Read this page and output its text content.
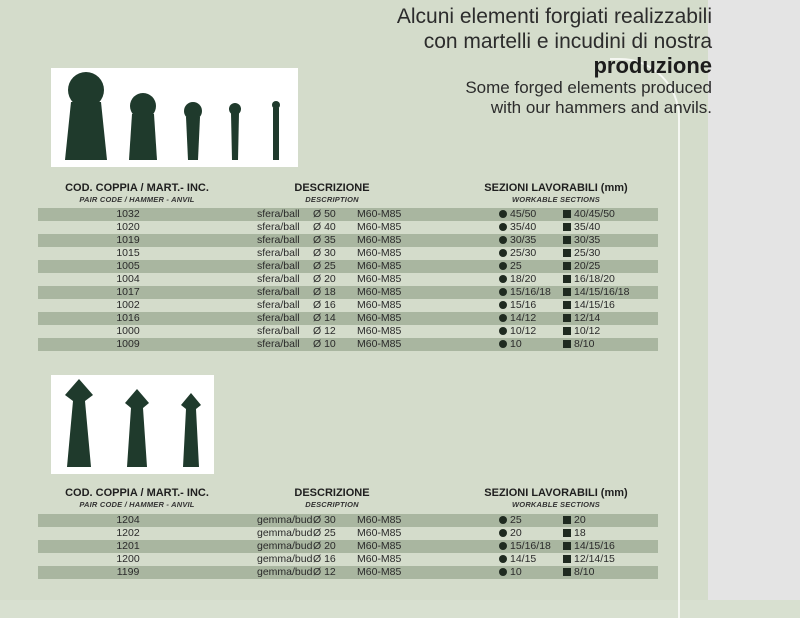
Alcuni elementi forgiati realizzabili
con martelli e incudini di nostra
produzione
Some forged elements produced
with our hammers and anvils.
COD. COPPIA / MART.- INC.
PAIR CODE / HAMMER - ANVIL
DESCRIZIONE
DESCRIPTION
SEZIONI LAVORABILI (mm)
WORKABLE SECTIONS
1032	sfera/ball Ø 50 M60-M85	45/50	40/45/50
1020	sfera/ball Ø 40 M60-M85	35/40	35/40
1019	sfera/ball Ø 35 M60-M85	30/35	30/35
1015	sfera/ball Ø 30 M60-M85	25/30	25/30
1005	sfera/ball Ø 25 M60-M85	25	20/25
1004	sfera/ball Ø 20 M60-M85	18/20	16/18/20
1017	sfera/ball Ø 18 M60-M85	15/16/18	14/15/16/18
1002	sfera/ball Ø 16 M60-M85	15/16	14/15/16
1016	sfera/ball Ø 14 M60-M85	14/12	12/14
1000	sfera/ball Ø 12 M60-M85	10/12	10/12
1009	sfera/ball Ø 10 M60-M85	10	8/10
COD. COPPIA / MART.- INC.
PAIR CODE / HAMMER - ANVIL
DESCRIZIONE
DESCRIPTION
SEZIONI LAVORABILI (mm)
WORKABLE SECTIONS
1204	gemma/budØ 30 M60-M85	25	20
1202	gemma/budØ 25 M60-M85	20	18
1201	gemma/budØ 20 M60-M85	15/16/18	14/15/16
1200	gemma/budØ 16 M60-M85	14/15	12/14/15
1199	gemma/budØ 12 M60-M85	10	8/10
